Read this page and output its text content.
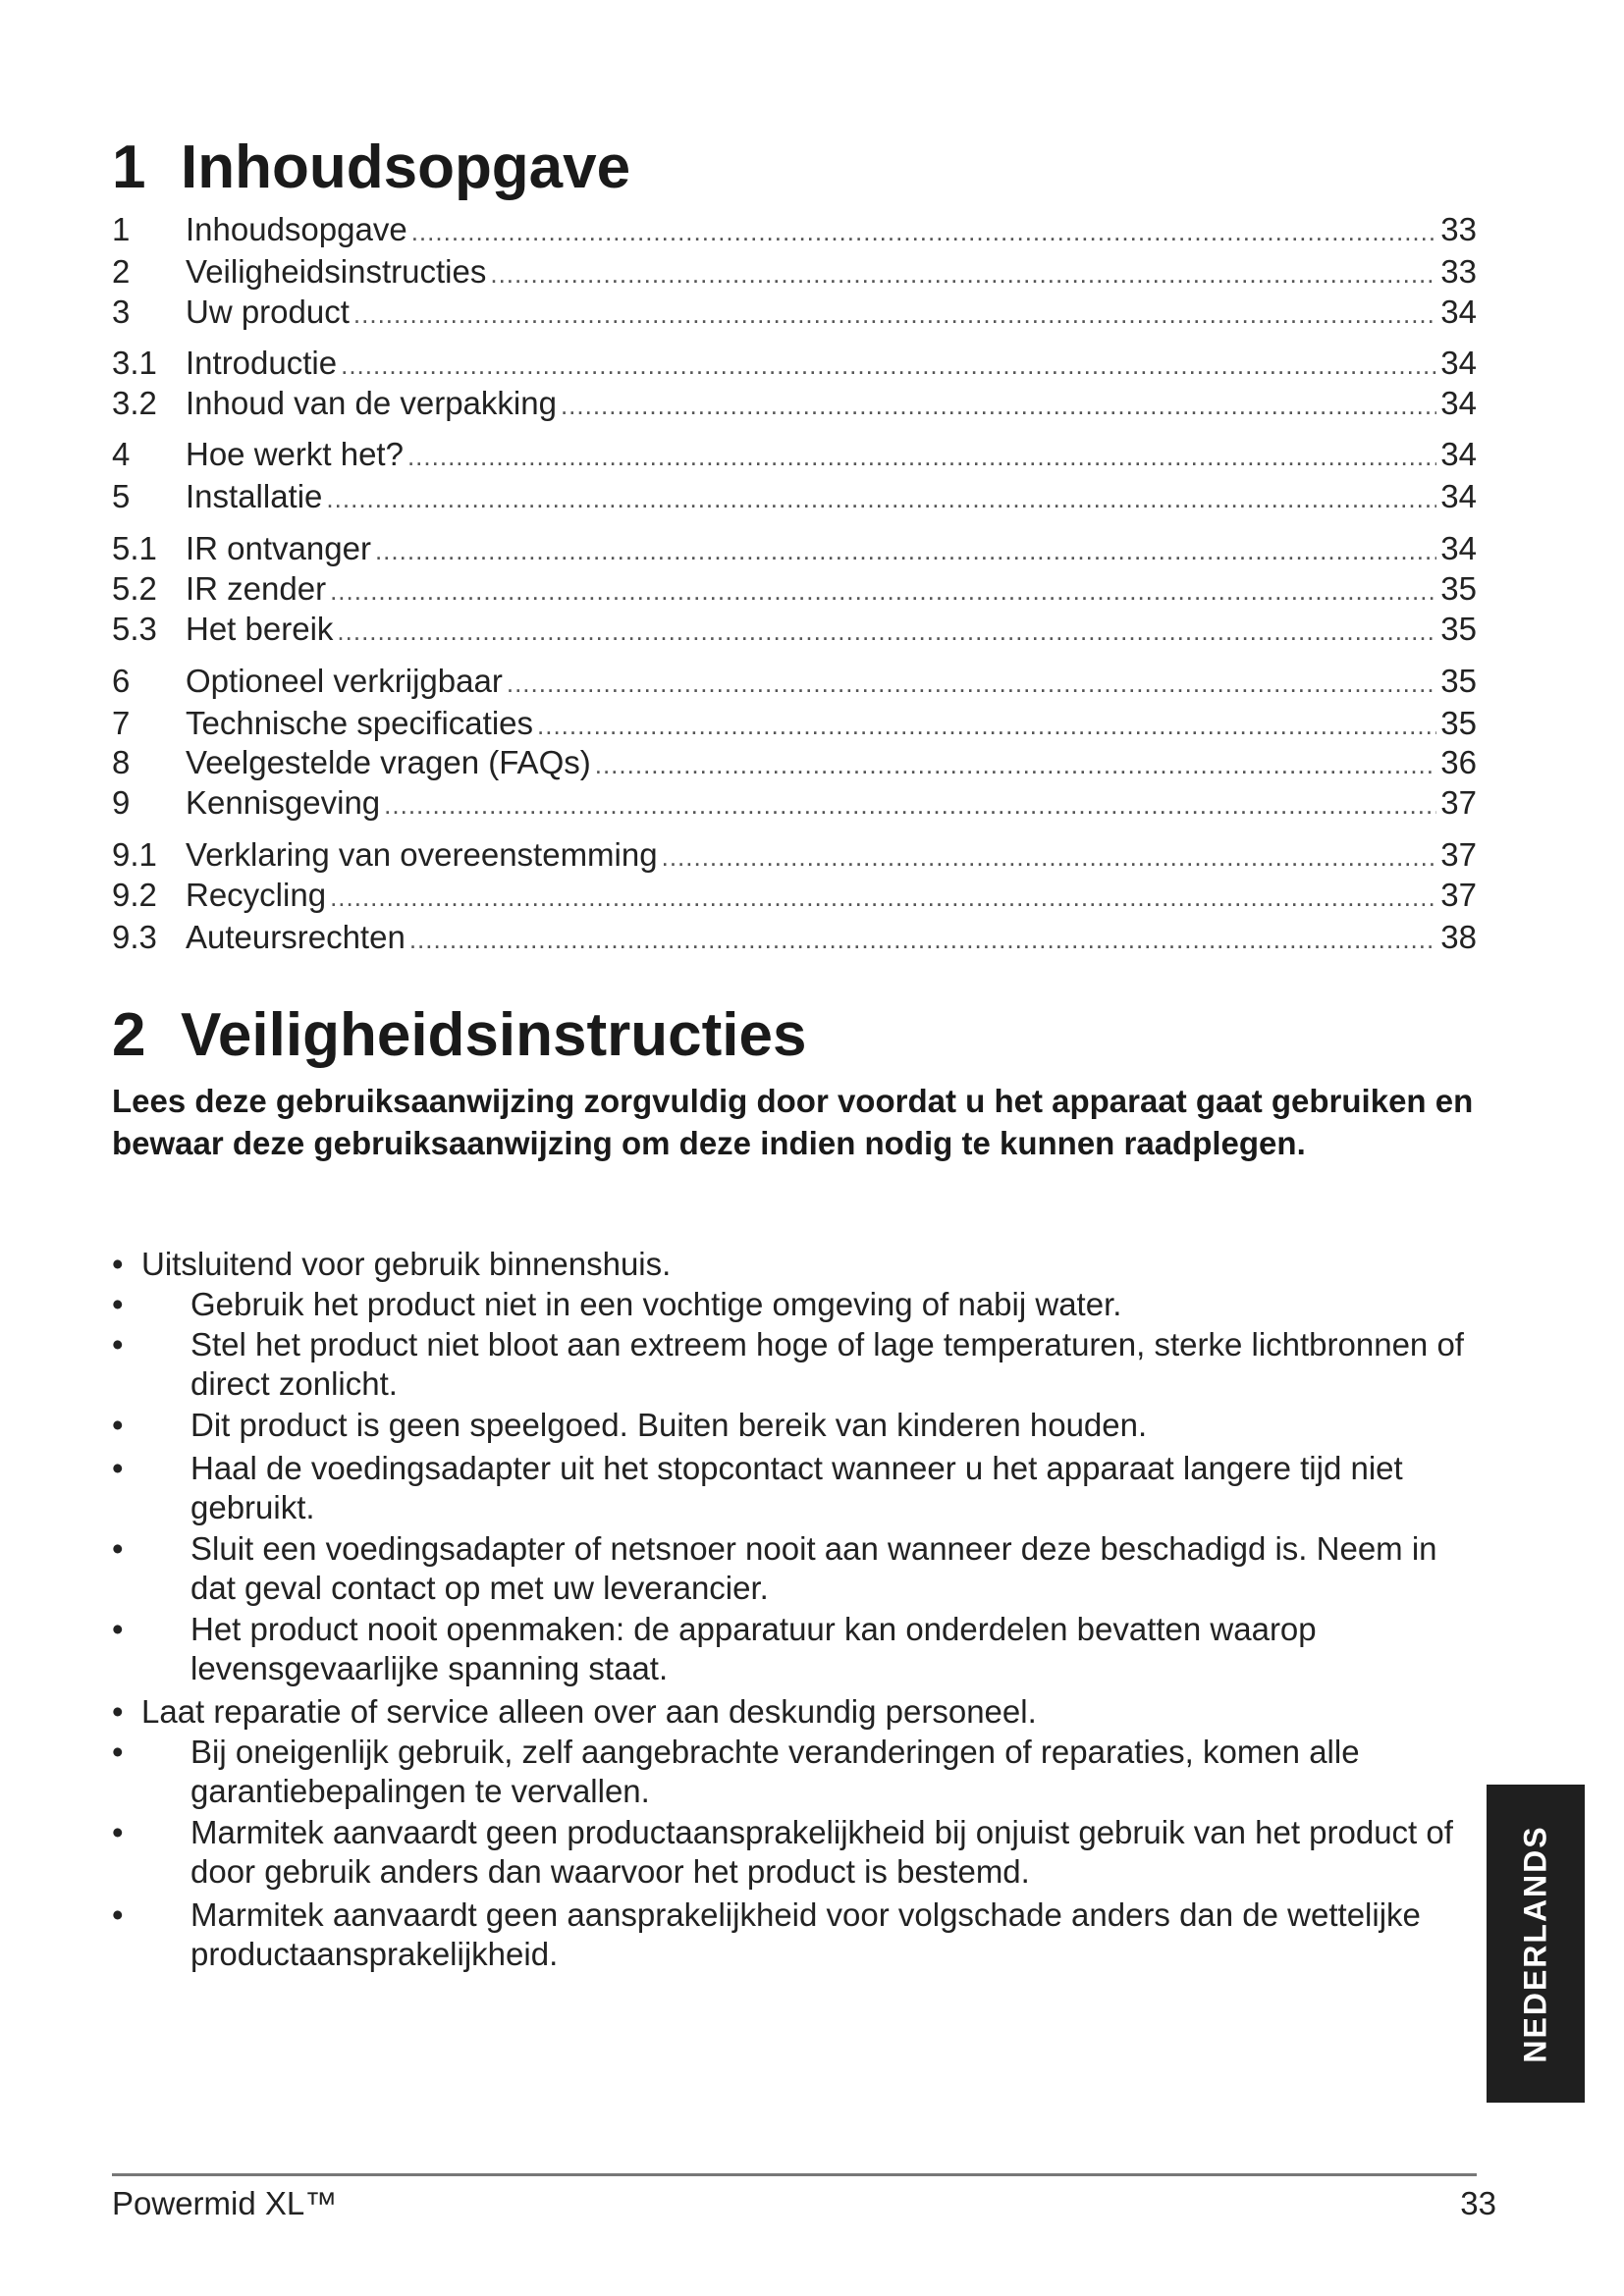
1 Inhoudsopgave
1	Inhoudsopgave .....	33
2	Veiligheidsinstructies .....	33
3	Uw product .....	34
3.1 Introductie .....	34
3.2 Inhoud van de verpakking .....	34
4	Hoe werkt het? .....	34
5	Installatie .....	34
5.1 IR ontvanger .....	34
5.2 IR zender .....	35
5.3 Het bereik .....	35
6	Optioneel verkrijgbaar .....	35
7	Technische specificaties .....	35
8	Veelgestelde vragen (FAQs) .....	36
9	Kennisgeving .....	37
9.1 Verklaring van overeenstemming .....	37
9.2 Recycling .....	37
9.3 Auteursrechten .....	38
2 Veiligheidsinstructies

Lees deze gebruiksaanwijzing zorgvuldig door voordat u het apparaat gaat gebruiken en bewaar deze gebruiksaanwijzing om deze indien nodig te kunnen raadplegen.

• Uitsluitend voor gebruik binnenshuis.
• Gebruik het product niet in een vochtige omgeving of nabij water.
• Stel het product niet bloot aan extreem hoge of lage temperaturen, sterke lichtbronnen of direct zonlicht.
• Dit product is geen speelgoed. Buiten bereik van kinderen houden.
• Haal de voedingsadapter uit het stopcontact wanneer u het apparaat langere tijd niet gebruikt.
• Sluit een voedingsadapter of netsnoer nooit aan wanneer deze beschadigd is. Neem in dat geval contact op met uw leverancier.
• Het product nooit openmaken: de apparatuur kan onderdelen bevatten waarop levensgevaarlijke spanning staat.
• Laat reparatie of service alleen over aan deskundig personeel.
• Bij oneigenlijk gebruik, zelf aangebrachte veranderingen of reparaties, komen alle garantiebepalingen te vervallen.
• Marmitek aanvaardt geen productaansprakelijkheid bij onjuist gebruik van het product of door gebruik anders dan waarvoor het product is bestemd.
• Marmitek aanvaardt geen aansprakelijkheid voor volgschade anders dan de wettelijke productaansprakelijkheid.	NEDERLANDS
Powermid XL™	33
